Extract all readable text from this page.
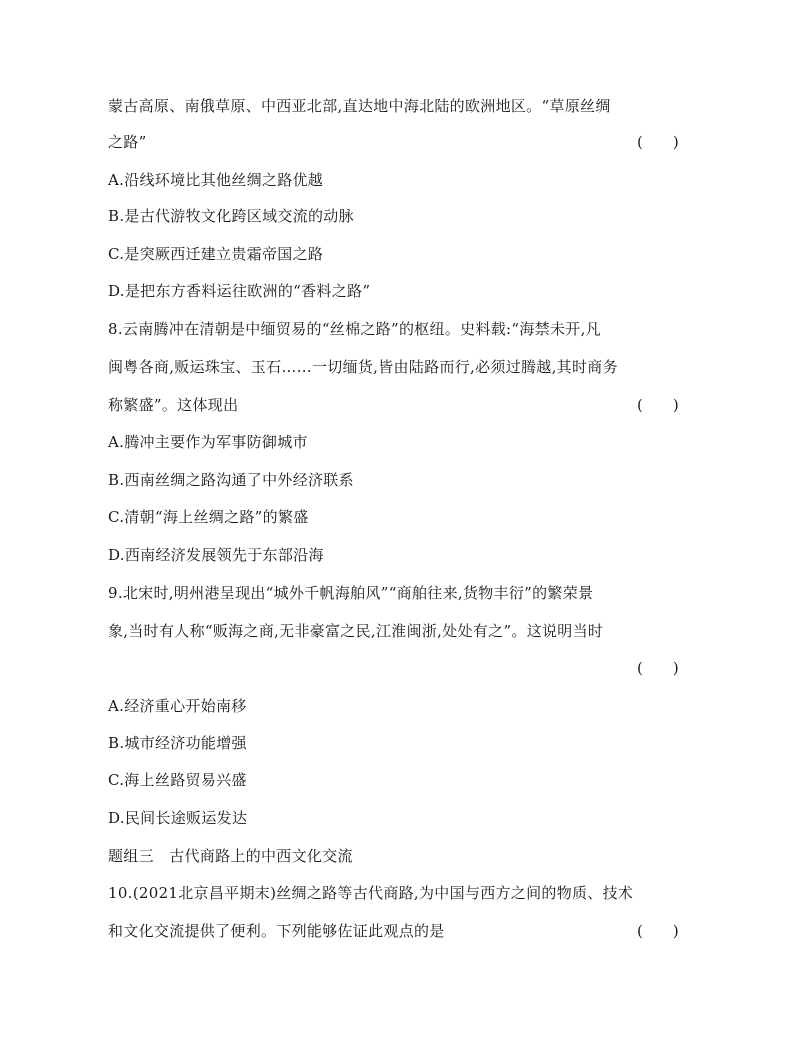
蒙古高原、南俄草原、中西亚北部,直达地中海北陆的欧洲地区。“草原丝绸
之路”	(　　)
A.沿线环境比其他丝绸之路优越
B.是古代游牧文化跨区域交流的动脉
C.是突厥西迁建立贵霜帝国之路
D.是把东方香料运往欧洲的“香料之路”
8.云南腾冲在清朝是中缅贸易的“丝棉之路”的枢纽。史料载:“海禁未开,凡
闽粤各商,贩运珠宝、玉石……一切缅货,皆由陆路而行,必须过腾越,其时商务
称繁盛”。这体现出	(　　)
A.腾冲主要作为军事防御城市
B.西南丝绸之路沟通了中外经济联系
C.清朝“海上丝绸之路”的繁盛
D.西南经济发展领先于东部沿海
9.北宋时,明州港呈现出“城外千帆海舶风”“商舶往来,货物丰衍”的繁荣景
象,当时有人称“贩海之商,无非豪富之民,江淮闽浙,处处有之”。这说明当时
(　　)
A.经济重心开始南移
B.城市经济功能增强
C.海上丝路贸易兴盛
D.民间长途贩运发达
题组三　古代商路上的中西文化交流
10.(2021北京昌平期末)丝绸之路等古代商路,为中国与西方之间的物质、技术
和文化交流提供了便利。下列能够佐证此观点的是	(　　)
